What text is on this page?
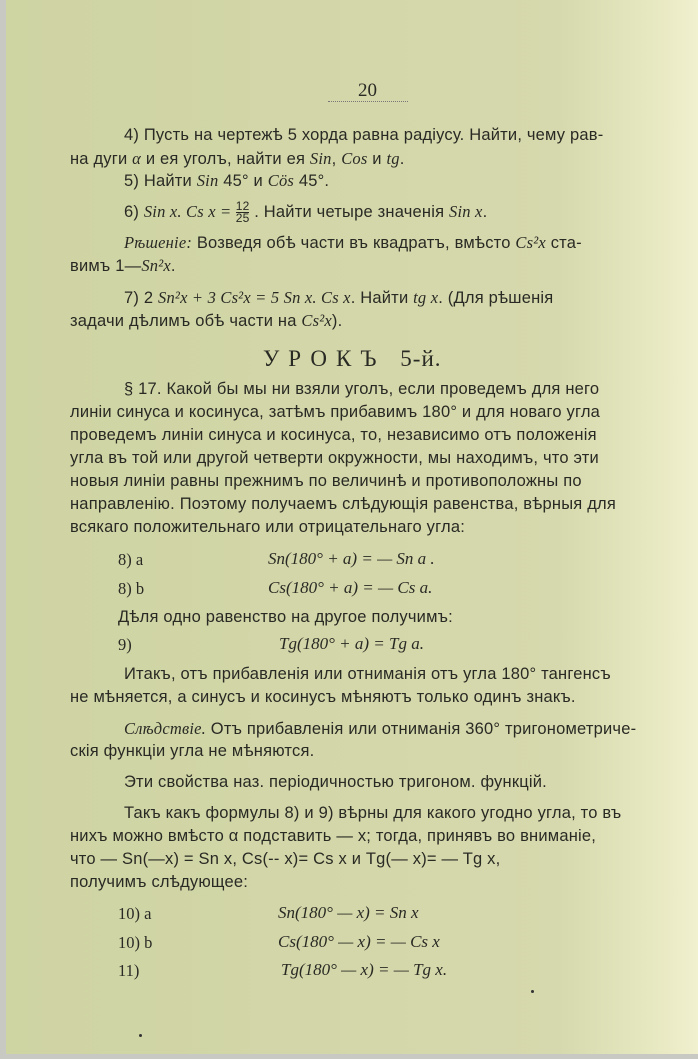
20
4) Пусть на чертежѣ 5 хорда равна радiусу. Найти, чему рав-
на дуги α и ея уголъ, найти ея Sin, Cos и tg.
5) Найти Sin 45° и Cös 45°.
6) Sin x. Cs $x = \frac{12}{25}$ . Найти четыре значенiя Sin x.
Рѣшенiе: Возведя обѣ части въ квадратъ, вмѣсто Cs²x ста-
вимъ 1—Sn²x.
7) 2 Sn²x + 3 Cs²x = 5 Sn x. Cs x. Найти tg x. (Для рѣшенiя
задачи дѣлимъ обѣ части на Cs²x).
УРОКЪ 5-й.
§ 17. Какой бы мы ни взяли уголъ, если проведемъ для него
линiи синуса и косинуса, затѣмъ прибавимъ 180° и для новаго угла
проведемъ линiи синуса и косинуса, то, независимо отъ положенiя
угла въ той или другой четверти окружности, мы находимъ, что эти
новыя линiи равны прежнимъ по величинѣ и противоположны по
направленiю. Поэтому получаемъ слѣдующiя равенства, вѣрныя для
всякаго положительнаго или отрицательнаго угла:
8) a	Sn(180° + a) = — Sn a .
8) b	Cs(180° + a) = — Cs a.
Дѣля одно равенство на другое получимъ:
9)	Tg(180° + a) = Tg a.
Итакъ, отъ прибавленiя или отниманiя отъ угла 180° тангенсъ
не мѣняется, а синусъ и косинусъ мѣняютъ только одинъ знакъ.
Слѣдствiе. Отъ прибавленiя или отниманiя 360° тригонометриче-
скiя функцiи угла не мѣняются.
Эти свойства наз. перiодичностью тригоном. функцiй.
Такъ какъ формулы 8) и 9) вѣрны для какого угодно угла, то въ
нихъ можно вмѣсто α подставить — x; тогда, принявъ во вниманiе,
что — Sn(—x) = Sn x, Cs(-- x)= Cs x и Tg(— x)= — Tg x,
получимъ слѣдующее:
10) a	Sn(180° — x) = Sn x
10) b	Cs(180° — x) = — Cs x
11)	Tg(180° — x) = — Tg x.
